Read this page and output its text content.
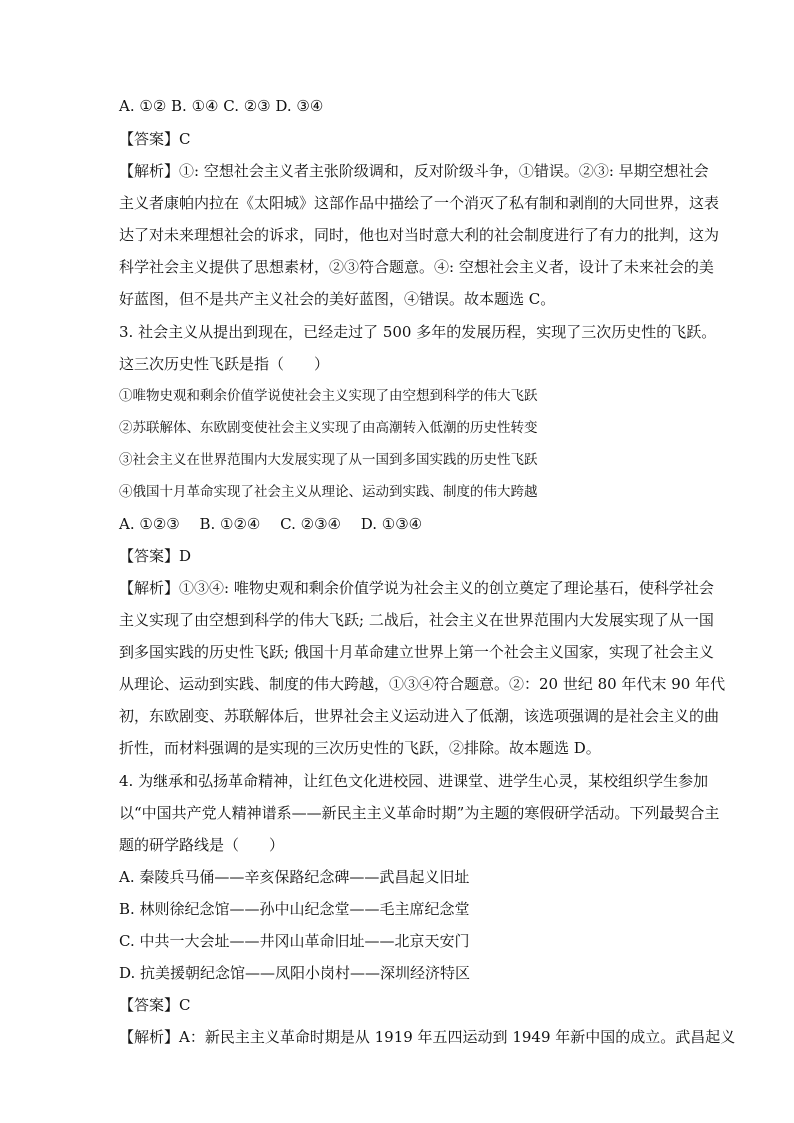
A. ①② B. ①④ C. ②③ D. ③④
【答案】C
【解析】①: 空想社会主义者主张阶级调和，反对阶级斗争，①错误。②③: 早期空想社会
主义者康帕内拉在《太阳城》这部作品中描绘了一个消灭了私有制和剥削的大同世界，这表
达了对未来理想社会的诉求，同时，他也对当时意大利的社会制度进行了有力的批判，这为
科学社会主义提供了思想素材，②③符合题意。④: 空想社会主义者，设计了未来社会的美
好蓝图，但不是共产主义社会的美好蓝图，④错误。故本题选 C。
3. 社会主义从提出到现在，已经走过了 500 多年的发展历程，实现了三次历史性的飞跃。
这三次历史性飞跃是指（　　）
①唯物史观和剩余价值学说使社会主义实现了由空想到科学的伟大飞跃
②苏联解体、东欧剧变使社会主义实现了由高潮转入低潮的历史性转变
③社会主义在世界范围内大发展实现了从一国到多国实践的历史性飞跃
④俄国十月革命实现了社会主义从理论、运动到实践、制度的伟大跨越
A. ①②③　 B. ①②④　 C. ②③④　 D. ①③④
【答案】D
【解析】①③④: 唯物史观和剩余价值学说为社会主义的创立奠定了理论基石，使科学社会
主义实现了由空想到科学的伟大飞跃; 二战后，社会主义在世界范围内大发展实现了从一国
到多国实践的历史性飞跃; 俄国十月革命建立世界上第一个社会主义国家，实现了社会主义
从理论、运动到实践、制度的伟大跨越，①③④符合题意。②：20 世纪 80 年代末 90 年代
初，东欧剧变、苏联解体后，世界社会主义运动进入了低潮，该选项强调的是社会主义的曲
折性，而材料强调的是实现的三次历史性的飞跃，②排除。故本题选 D。
4. 为继承和弘扬革命精神，让红色文化进校园、进课堂、进学生心灵，某校组织学生参加
以“中国共产党人精神谱系——新民主主义革命时期”为主题的寒假研学活动。下列最契合主
题的研学路线是（　　）
A. 秦陵兵马俑——辛亥保路纪念碑——武昌起义旧址
B. 林则徐纪念馆——孙中山纪念堂——毛主席纪念堂
C. 中共一大会址——井冈山革命旧址——北京天安门
D. 抗美援朝纪念馆——凤阳小岗村——深圳经济特区
【答案】C
【解析】A：新民主主义革命时期是从 1919 年五四运动到 1949 年新中国的成立。武昌起义
